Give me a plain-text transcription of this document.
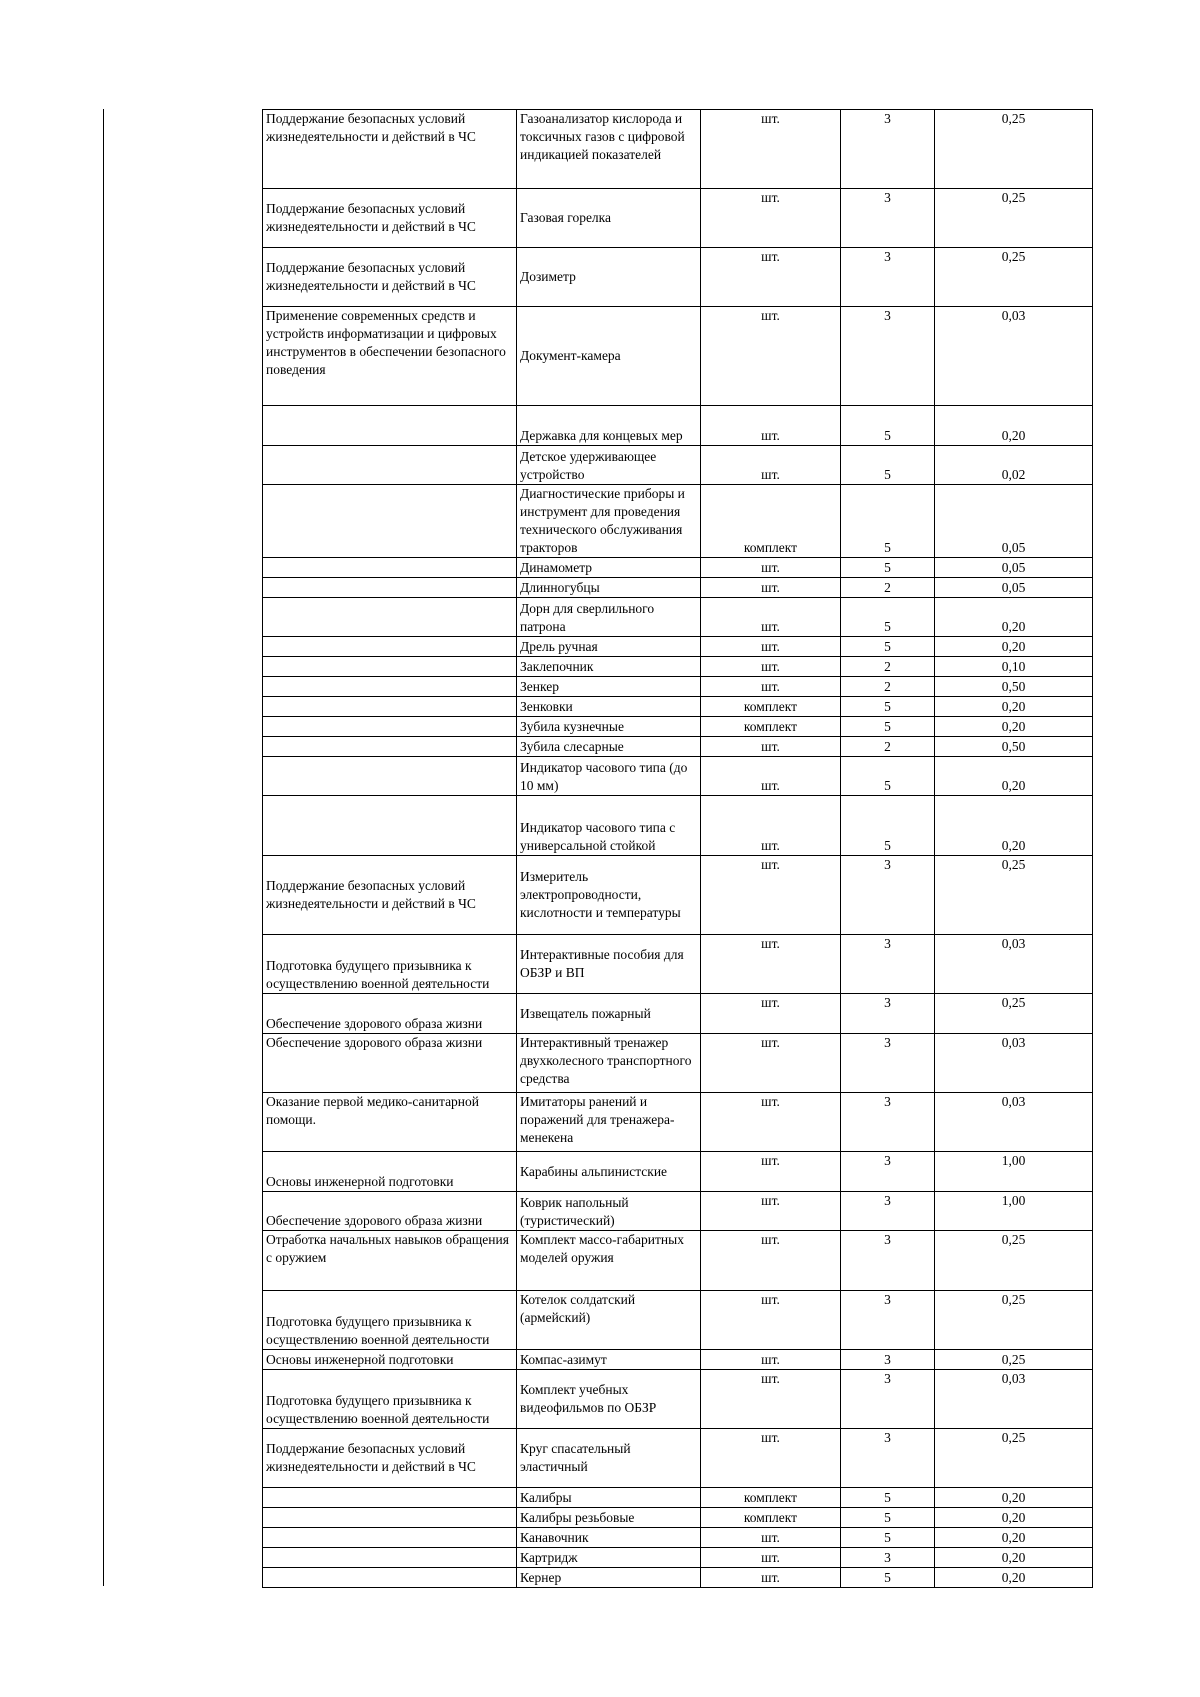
Поддержание безопасных условий жизнедеятельности и действий в ЧС	Газоанализатор кислорода и токсичных газов с цифровой индикацией показателей	шт.	3	0,25
Поддержание безопасных условий жизнедеятельности и действий в ЧС	Газовая горелка	шт.	3	0,25
Поддержание безопасных условий жизнедеятельности и действий в ЧС	Дозиметр	шт.	3	0,25
Применение современных средств и устройств информатизации и цифровых инструментов в обеспечении безопасного поведения	Документ-камера	шт.	3	0,03
	Державка для концевых мер	шт.	5	0,20
	Детское удерживающее устройство	шт.	5	0,02
	Диагностические приборы и инструмент для проведения технического обслуживания тракторов	комплект	5	0,05
	Динамометр	шт.	5	0,05
	Длинногубцы	шт.	2	0,05
	Дорн для сверлильного патрона	шт.	5	0,20
	Дрель ручная	шт.	5	0,20
	Заклепочник	шт.	2	0,10
	Зенкер	шт.	2	0,50
	Зенковки	комплект	5	0,20
	Зубила кузнечные	комплект	5	0,20
	Зубила слесарные	шт.	2	0,50
	Индикатор часового типа (до 10 мм)	шт.	5	0,20
	Индикатор часового типа с универсальной стойкой	шт.	5	0,20
Поддержание безопасных условий жизнедеятельности и действий в ЧС	Измеритель электропроводности, кислотности и температуры	шт.	3	0,25
Подготовка будущего призывника к осуществлению военной деятельности	Интерактивные пособия для ОБЗР и ВП	шт.	3	0,03
Обеспечение здорового образа жизни	Извещатель пожарный	шт.	3	0,25
Обеспечение здорового образа жизни	Интерактивный тренажер двухколесного транспортного средства	шт.	3	0,03
Оказание первой медико-санитарной помощи.	Имитаторы ранений и поражений для тренажера-менекена	шт.	3	0,03
Основы инженерной подготовки	Карабины альпинистские	шт.	3	1,00
Обеспечение здорового образа жизни	Коврик напольный (туристический)	шт.	3	1,00
Отработка начальных навыков обращения с оружием	Комплект массо-габаритных моделей оружия	шт.	3	0,25
Подготовка будущего призывника к осуществлению военной деятельности	Котелок солдатский (армейский)	шт.	3	0,25
Основы инженерной подготовки	Компас-азимут	шт.	3	0,25
Подготовка будущего призывника к осуществлению военной деятельности	Комплект учебных видеофильмов по ОБЗР	шт.	3	0,03
Поддержание безопасных условий жизнедеятельности и действий в ЧС	Круг спасательный эластичный	шт.	3	0,25
	Калибры	комплект	5	0,20
	Калибры резьбовые	комплект	5	0,20
	Канавочник	шт.	5	0,20
	Картридж	шт.	3	0,20
	Кернер	шт.	5	0,20
